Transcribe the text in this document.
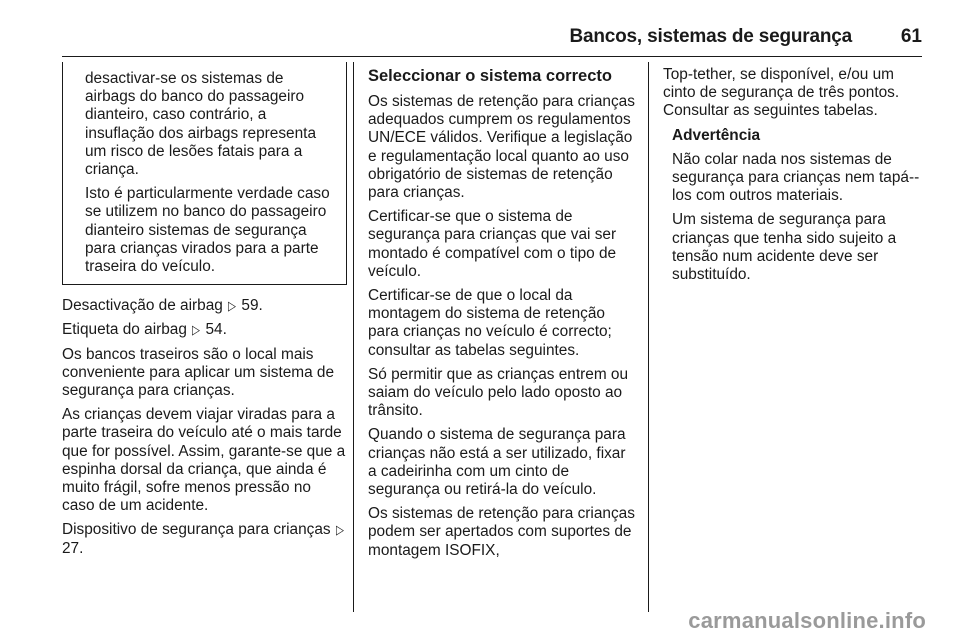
Bancos, sistemas de segurança	61

desactivar-se os sistemas de airbags do banco do passageiro dianteiro, caso contrário, a insuflação dos airbags representa um risco de lesões fatais para a criança.

Isto é particularmente verdade caso se utilizem no banco do passageiro dianteiro sistemas de segurança para crianças virados para a parte traseira do veículo.

Desactivação de airbag ▷ 59.

Etiqueta do airbag ▷ 54.

Os bancos traseiros são o local mais conveniente para aplicar um sistema de segurança para crianças.

As crianças devem viajar viradas para a parte traseira do veículo até o mais tarde que for possível. Assim, garante-se que a espinha dorsal da criança, que ainda é muito frágil, sofre menos pressão no caso de um acidente.

Dispositivo de segurança para crianças ▷ 27.

Seleccionar o sistema correcto

Os sistemas de retenção para crianças adequados cumprem os regulamentos UN/ECE válidos. Verifique a legislação e regulamentação local quanto ao uso obrigatório de sistemas de retenção para crianças.

Certificar-se que o sistema de segurança para crianças que vai ser montado é compatível com o tipo de veículo.

Certificar-se de que o local da montagem do sistema de retenção para crianças no veículo é correcto; consultar as tabelas seguintes.

Só permitir que as crianças entrem ou saiam do veículo pelo lado oposto ao trânsito.

Quando o sistema de segurança para crianças não está a ser utilizado, fixar a cadeirinha com um cinto de segurança ou retirá-la do veículo.

Os sistemas de retenção para crianças podem ser apertados com suportes de montagem ISOFIX,

Top-tether, se disponível, e/ou um cinto de segurança de três pontos. Consultar as seguintes tabelas.

Advertência

Não colar nada nos sistemas de segurança para crianças nem tapá--los com outros materiais.

Um sistema de segurança para crianças que tenha sido sujeito a tensão num acidente deve ser substituído.

carmanualsonline.info
